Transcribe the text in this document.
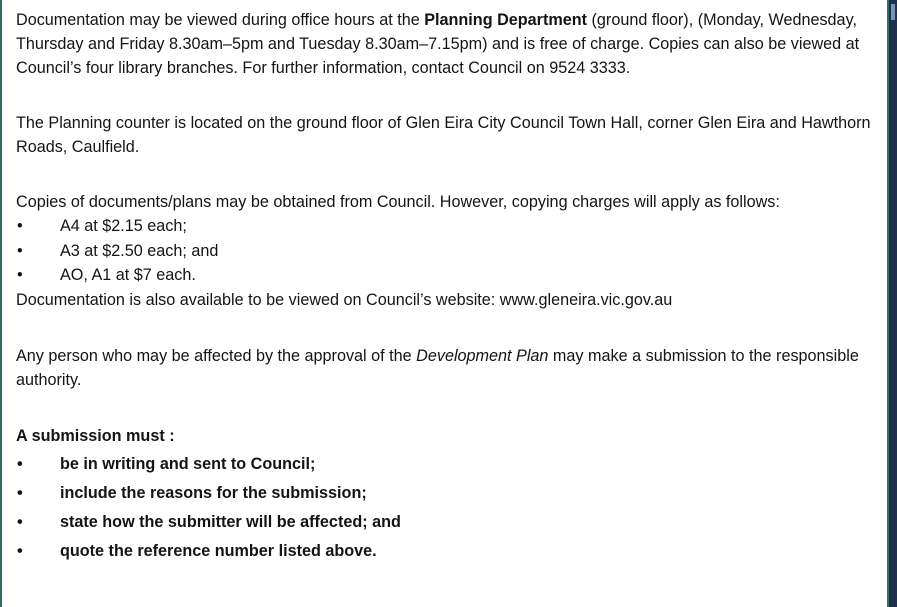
Documentation may be viewed during office hours at the Planning Department (ground floor), (Monday, Wednesday, Thursday and Friday 8.30am–5pm and Tuesday 8.30am–7.15pm) and is free of charge. Copies can also be viewed at Council’s four library branches. For further information, contact Council on 9524 3333.

The Planning counter is located on the ground floor of Glen Eira City Council Town Hall, corner Glen Eira and Hawthorn Roads, Caulfield.

Copies of documents/plans may be obtained from Council. However, copying charges will apply as follows:

• A4 at $2.15 each;
• A3 at $2.50 each; and
• AO, A1 at $7 each.

Documentation is also available to be viewed on Council’s website: www.gleneira.vic.gov.au

Any person who may be affected by the approval of the Development Plan may make a submission to the responsible authority.

A submission must :

• be in writing and sent to Council;
• include the reasons for the submission;
• state how the submitter will be affected; and
• quote the reference number listed above.
